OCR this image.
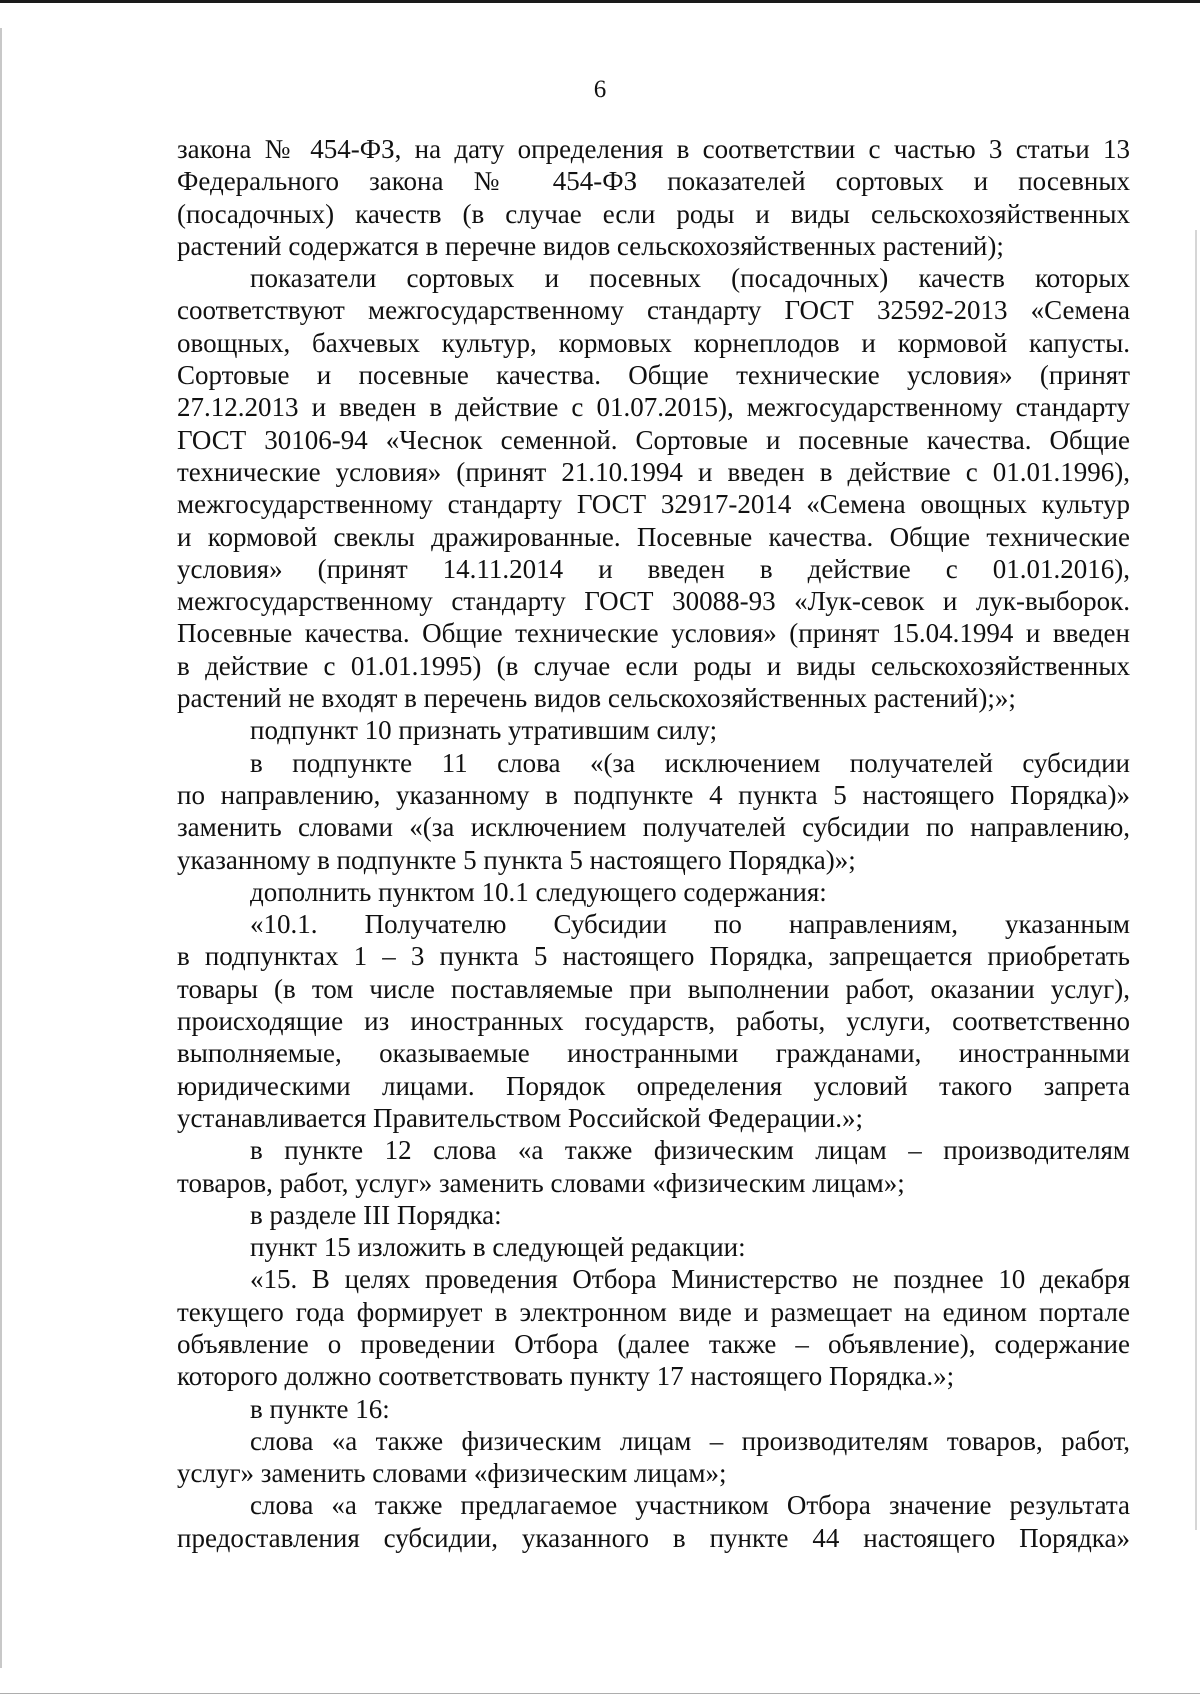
6
закона № 454-ФЗ, на дату определения в соответствии с частью 3 статьи 13
Федерального закона № 454-ФЗ показателей сортовых и посевных
(посадочных) качеств (в случае если роды и виды сельскохозяйственных
растений содержатся в перечне видов сельскохозяйственных растений);
показатели сортовых и посевных (посадочных) качеств которых
соответствуют межгосударственному стандарту ГОСТ 32592-2013 «Семена
овощных, бахчевых культур, кормовых корнеплодов и кормовой капусты.
Сортовые и посевные качества. Общие технические условия» (принят
27.12.2013 и введен в действие с 01.07.2015), межгосударственному стандарту
ГОСТ 30106-94 «Чеснок семенной. Сортовые и посевные качества. Общие
технические условия» (принят 21.10.1994 и введен в действие с 01.01.1996),
межгосударственному стандарту ГОСТ 32917-2014 «Семена овощных культур
и кормовой свеклы дражированные. Посевные качества. Общие технические
условия» (принят 14.11.2014 и введен в действие с 01.01.2016),
межгосударственному стандарту ГОСТ 30088-93 «Лук-севок и лук-выборок.
Посевные качества. Общие технические условия» (принят 15.04.1994 и введен
в действие с 01.01.1995) (в случае если роды и виды сельскохозяйственных
растений не входят в перечень видов сельскохозяйственных растений);»;
подпункт 10 признать утратившим силу;
в подпункте 11 слова «(за исключением получателей субсидии
по направлению, указанному в подпункте 4 пункта 5 настоящего Порядка)»
заменить словами «(за исключением получателей субсидии по направлению,
указанному в подпункте 5 пункта 5 настоящего Порядка)»;
дополнить пунктом 10.1 следующего содержания:
«10.1. Получателю Субсидии по направлениям, указанным
в подпунктах 1 – 3 пункта 5 настоящего Порядка, запрещается приобретать
товары (в том числе поставляемые при выполнении работ, оказании услуг),
происходящие из иностранных государств, работы, услуги, соответственно
выполняемые, оказываемые иностранными гражданами, иностранными
юридическими лицами. Порядок определения условий такого запрета
устанавливается Правительством Российской Федерации.»;
в пункте 12 слова «а также физическим лицам – производителям
товаров, работ, услуг» заменить словами «физическим лицам»;
в разделе III Порядка:
пункт 15 изложить в следующей редакции:
«15. В целях проведения Отбора Министерство не позднее 10 декабря
текущего года формирует в электронном виде и размещает на едином портале
объявление о проведении Отбора (далее также – объявление), содержание
которого должно соответствовать пункту 17 настоящего Порядка.»;
в пункте 16:
слова «а также физическим лицам – производителям товаров, работ,
услуг» заменить словами «физическим лицам»;
слова «а также предлагаемое участником Отбора значение результата
предоставления субсидии, указанного в пункте 44 настоящего Порядка»
